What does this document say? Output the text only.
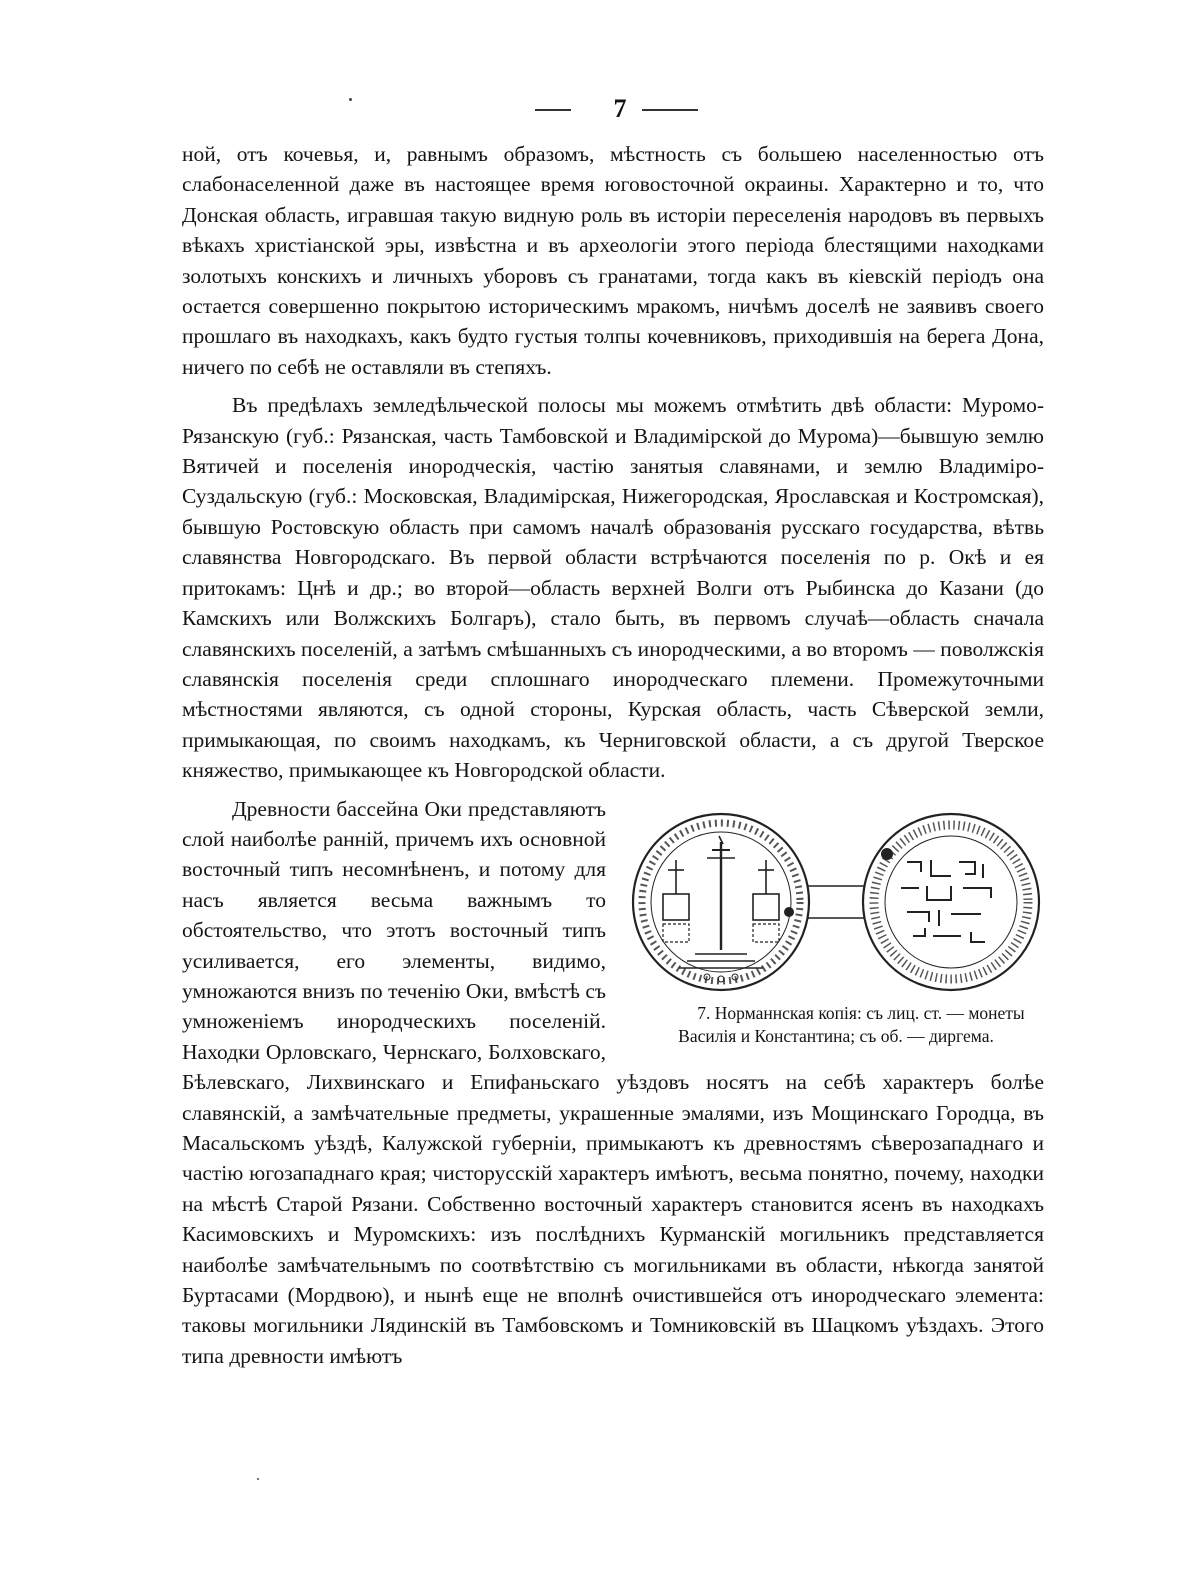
7

ной, отъ кочевья, и, равнымъ образомъ, мѣстность съ большею населенностью отъ слабонаселенной даже въ настоящее время юговосточной окраины. Характерно и то, что Донская область, игравшая такую видную роль въ исторіи переселенія народовъ въ первыхъ вѣкахъ христіанской эры, извѣстна и въ археологіи этого періода блестящими находками золотыхъ конскихъ и личныхъ уборовъ съ гранатами, тогда какъ въ кіевскій періодъ она остается совершенно покрытою историческимъ мракомъ, ничѣмъ доселѣ не заявивъ своего прошлаго въ находкахъ, какъ будто густыя толпы кочевниковъ, приходившія на берега Дона, ничего по себѣ не оставляли въ степяхъ.

Въ предѣлахъ земледѣльческой полосы мы можемъ отмѣтить двѣ области: Муромо-Рязанскую (губ.: Рязанская, часть Тамбовской и Владимірской до Мурома)—бывшую землю Вятичей и поселенія инородческія, частію занятыя славянами, и землю Владиміро-Суздальскую (губ.: Московская, Владимірская, Нижегородская, Ярославская и Костромская), бывшую Ростовскую область при самомъ началѣ образованія русскаго государства, вѣтвь славянства Новгородскаго. Въ первой области встрѣчаются поселенія по р. Окѣ и ея притокамъ: Цнѣ и др.; во второй—область верхней Волги отъ Рыбинска до Казани (до Камскихъ или Волжскихъ Болгаръ), стало быть, въ первомъ случаѣ—область сначала славянскихъ поселеній, а затѣмъ смѣшанныхъ съ инородческими, а во второмъ — поволжскія славянскія поселенія среди сплошнаго инородческаго племени. Промежуточными мѣстностями являются, съ одной стороны, Курская область, часть Сѣверской земли, примыкающая, по своимъ находкамъ, къ Черниговской области, а съ другой Тверское княжество, примыкающее къ Новгородской области.

7. Норманнская копія: съ лиц. ст. — монеты
Василія и Константина; съ об. — диргема.

Древности бассейна Оки представляютъ слой наиболѣе ранній, причемъ ихъ основной восточный типъ несомнѣненъ, и потому для насъ является весьма важнымъ то обстоятельство, что этотъ восточный типъ усиливается, его элементы, видимо, умножаются внизъ по теченію Оки, вмѣстѣ съ умноженіемъ инородческихъ поселеній. Находки Орловскаго, Чернскаго, Болховскаго, Бѣлевскаго, Лихвинскаго и Епифаньскаго уѣздовъ носятъ на себѣ характеръ болѣе славянскій, а замѣчательные предметы, украшенные эмалями, изъ Мощинскаго Городца, въ Масальскомъ уѣздѣ, Калужской губерніи, примыкаютъ къ древностямъ сѣверозападнаго и частію югозападнаго края; чисторусскій характеръ имѣютъ, весьма понятно, почему, находки на мѣстѣ Старой Рязани. Собственно восточный характеръ становится ясенъ въ находкахъ Касимовскихъ и Муромскихъ: изъ послѣднихъ Курманскій могильникъ представляется наиболѣе замѣчательнымъ по соотвѣтствію съ могильниками въ области, нѣкогда занятой Буртасами (Мордвою), и нынѣ еще не вполнѣ очистившейся отъ инородческаго элемента: таковы могильники Лядинскій въ Тамбовскомъ и Томниковскій въ Шацкомъ уѣздахъ. Этого типа древности имѣютъ
